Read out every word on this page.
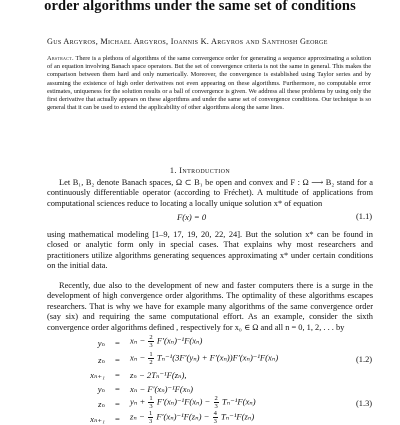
order algorithms under the same set of conditions
Gus Argyros, Michael Argyros, Ioannis K. Argyros and Santhosh George
Abstract. There is a plethora of algorithms of the same convergence order for generating a sequence approximating a solution of an equation involving Banach space operators. But the set of convergence criteria is not the same in general. This makes the comparison between them hard and only numerically. Moreover, the convergence is established using Taylor series and by assuming the existence of high order derivatives not even appearing on these algorithms. Furthermore, no computable error estimates, uniqueness for the solution results or a ball of convergence is given. We address all these problems by using only the first derivative that actually appears on these algorithms and under the same set of convergence conditions. Our technique is so general that it can be used to extend the applicability of other algorithms along the same lines.
1. Introduction
Let B₁, B₂ denote Banach spaces, Ω ⊂ B₁ be open and convex and F : Ω ⟶ B₂ stand for a continuously differentiable operator (according to Fréchet). A multitude of applications from computational sciences reduce to locating a locally unique solution x* of equation
F(x) = 0	(1.1)
using mathematical modeling [1–9, 17, 19, 20, 22, 24]. But the solution x* can be found in closed or analytic form only in special cases. That explains why most researchers and practitioners utilize algorithms generating sequences approximating x* under certain conditions on the initial data.
Recently, due also to the development of new and faster computers there is a surge in the development of high convergence order algorithms. The optimality of these algorithms escapes researchers. That is why we have for example many algorithms of the same convergence order (say six) and requiring the same computational effort. As an example, consider the sixth convergence order algorithms defined , respectively for x₀ ∈ Ω and all n = 0, 1, 2, . . . by
$y_n = x_n - \frac{2}{3} F'(x_n)^{-1}F(x_n)$
$z_n = x_n - \frac{1}{2} T_n^{-1}(3F'(y_n) + F'(x_n))F'(x_n)^{-1}F(x_n)$	(1.2)
xₙ₊₁ = zₙ − 2Tₙ⁻¹F(zₙ),
yₙ = xₙ − F′(xₙ)⁻¹F(xₙ)
$z_n = y_n + \frac{1}{3} F'(x_n)^{-1}F(x_n) - \frac{2}{3} T_n^{-1}F(x_n)$	(1.3)
$x_{n+1} = z_n - \frac{1}{3} F'(x_n)^{-1}F(z_n) - \frac{4}{3} T_n^{-1}F(z_n)$
